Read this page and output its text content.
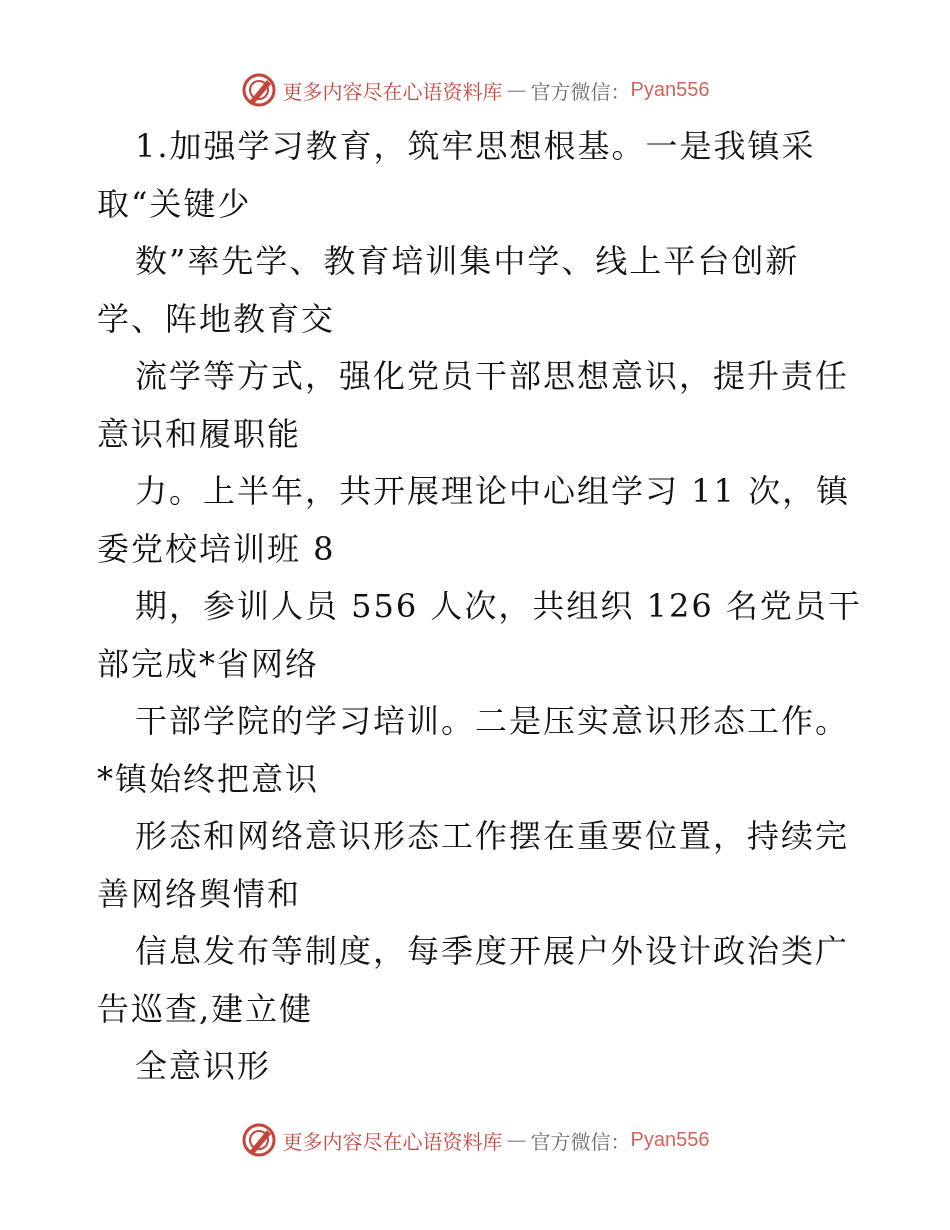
更多内容尽在心语资料库 — 官方微信： Pyan556
1.加强学习教育，筑牢思想根基。一是我镇采
取“关键少
数”率先学、教育培训集中学、线上平台创新
学、阵地教育交
流学等方式，强化党员干部思想意识，提升责任
意识和履职能
力。上半年，共开展理论中心组学习 11 次，镇
委党校培训班 8
期，参训人员 556 人次，共组织 126 名党员干
部完成*省网络
干部学院的学习培训。二是压实意识形态工作。
*镇始终把意识
形态和网络意识形态工作摆在重要位置，持续完
善网络舆情和
信息发布等制度，每季度开展户外设计政治类广
告巡查,建立健
全意识形
更多内容尽在心语资料库 — 官方微信： Pyan556
